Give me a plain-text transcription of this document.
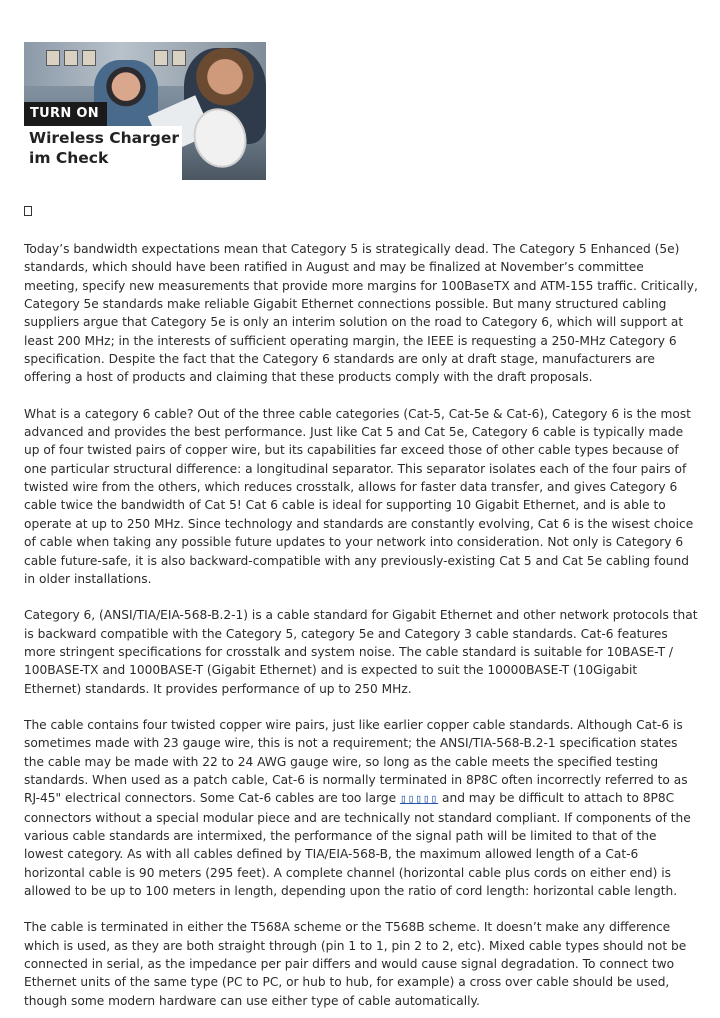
TURN ON
Wireless Charger
im Check

Today’s bandwidth expectations mean that Category 5 is strategically dead. The Category 5 Enhanced (5e) standards, which should have been ratified in August and may be finalized at November’s committee meeting, specify new measurements that provide more margins for 100BaseTX and ATM-155 traffic. Critically, Category 5e standards make reliable Gigabit Ethernet connections possible. But many structured cabling suppliers argue that Category 5e is only an interim solution on the road to Category 6, which will support at least 200 MHz; in the interests of sufficient operating margin, the IEEE is requesting a 250-MHz Category 6 specification. Despite the fact that the Category 6 standards are only at draft stage, manufacturers are offering a host of products and claiming that these products comply with the draft proposals.

What is a category 6 cable? Out of the three cable categories (Cat-5, Cat-5e & Cat-6), Category 6 is the most advanced and provides the best performance. Just like Cat 5 and Cat 5e, Category 6 cable is typically made up of four twisted pairs of copper wire, but its capabilities far exceed those of other cable types because of one particular structural difference: a longitudinal separator. This separator isolates each of the four pairs of twisted wire from the others, which reduces crosstalk, allows for faster data transfer, and gives Category 6 cable twice the bandwidth of Cat 5! Cat 6 cable is ideal for supporting 10 Gigabit Ethernet, and is able to operate at up to 250 MHz. Since technology and standards are constantly evolving, Cat 6 is the wisest choice of cable when taking any possible future updates to your network into consideration. Not only is Category 6 cable future-safe, it is also backward-compatible with any previously-existing Cat 5 and Cat 5e cabling found in older installations.

Category 6, (ANSI/TIA/EIA-568-B.2-1) is a cable standard for Gigabit Ethernet and other network protocols that is backward compatible with the Category 5, category 5e and Category 3 cable standards. Cat-6 features more stringent specifications for crosstalk and system noise. The cable standard is suitable for 10BASE-T / 100BASE-TX and 1000BASE-T (Gigabit Ethernet) and is expected to suit the 10000BASE-T (10Gigabit Ethernet) standards. It provides performance of up to 250 MHz.

The cable contains four twisted copper wire pairs, just like earlier copper cable standards. Although Cat-6 is sometimes made with 23 gauge wire, this is not a requirement; the ANSI/TIA-568-B.2-1 specification states the cable may be made with 22 to 24 AWG gauge wire, so long as the cable meets the specified testing standards. When used as a patch cable, Cat-6 is normally terminated in 8P8C often incorrectly referred to as RJ-45" electrical connectors. Some Cat-6 cables are too large ▯▯▯▯▯ and may be difficult to attach to 8P8C connectors without a special modular piece and are technically not standard compliant. If components of the various cable standards are intermixed, the performance of the signal path will be limited to that of the lowest category. As with all cables defined by TIA/EIA-568-B, the maximum allowed length of a Cat-6 horizontal cable is 90 meters (295 feet). A complete channel (horizontal cable plus cords on either end) is allowed to be up to 100 meters in length, depending upon the ratio of cord length: horizontal cable length.

The cable is terminated in either the T568A scheme or the T568B scheme. It doesn’t make any difference which is used, as they are both straight through (pin 1 to 1, pin 2 to 2, etc). Mixed cable types should not be connected in serial, as the impedance per pair differs and would cause signal degradation. To connect two Ethernet units of the same type (PC to PC, or hub to hub, for example) a cross over cable should be used, though some modern hardware can use either type of cable automatically.
